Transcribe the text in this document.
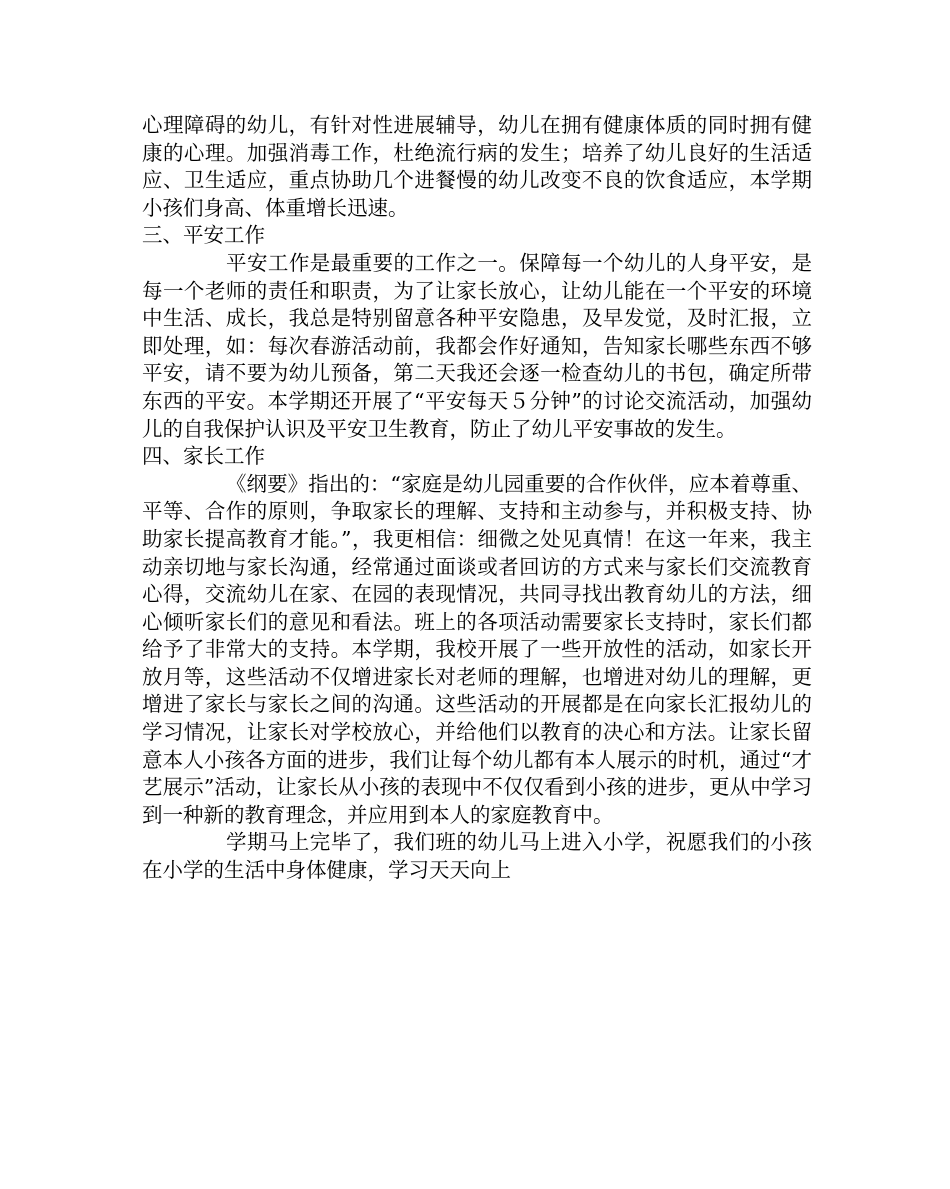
心理障碍的幼儿，有针对性进展辅导，幼儿在拥有健康体质的同时拥有健康的心理。加强消毒工作，杜绝流行病的发生；培养了幼儿良好的生活适应、卫生适应，重点协助几个进餐慢的幼儿改变不良的饮食适应，本学期小孩们身高、体重增长迅速。

三、平安工作

平安工作是最重要的工作之一。保障每一个幼儿的人身平安，是每一个老师的责任和职责，为了让家长放心，让幼儿能在一个平安的环境中生活、成长，我总是特别留意各种平安隐患，及早发觉，及时汇报，立即处理，如：每次春游活动前，我都会作好通知，告知家长哪些东西不够平安，请不要为幼儿预备，第二天我还会逐一检查幼儿的书包，确定所带东西的平安。本学期还开展了“平安每天５分钟”的讨论交流活动，加强幼儿的自我保护认识及平安卫生教育，防止了幼儿平安事故的发生。

四、家长工作

《纲要》指出的：“家庭是幼儿园重要的合作伙伴，应本着尊重、平等、合作的原则，争取家长的理解、支持和主动参与，并积极支持、协助家长提高教育才能。”，我更相信：细微之处见真情！在这一年来，我主动亲切地与家长沟通，经常通过面谈或者回访的方式来与家长们交流教育心得，交流幼儿在家、在园的表现情况，共同寻找出教育幼儿的方法，细心倾听家长们的意见和看法。班上的各项活动需要家长支持时，家长们都给予了非常大的支持。本学期，我校开展了一些开放性的活动，如家长开放月等，这些活动不仅增进家长对老师的理解，也增进对幼儿的理解，更增进了家长与家长之间的沟通。这些活动的开展都是在向家长汇报幼儿的学习情况，让家长对学校放心，并给他们以教育的决心和方法。让家长留意本人小孩各方面的进步，我们让每个幼儿都有本人展示的时机，通过“才艺展示”活动，让家长从小孩的表现中不仅仅看到小孩的进步，更从中学习到一种新的教育理念，并应用到本人的家庭教育中。

学期马上完毕了，我们班的幼儿马上进入小学，祝愿我们的小孩在小学的生活中身体健康，学习天天向上
